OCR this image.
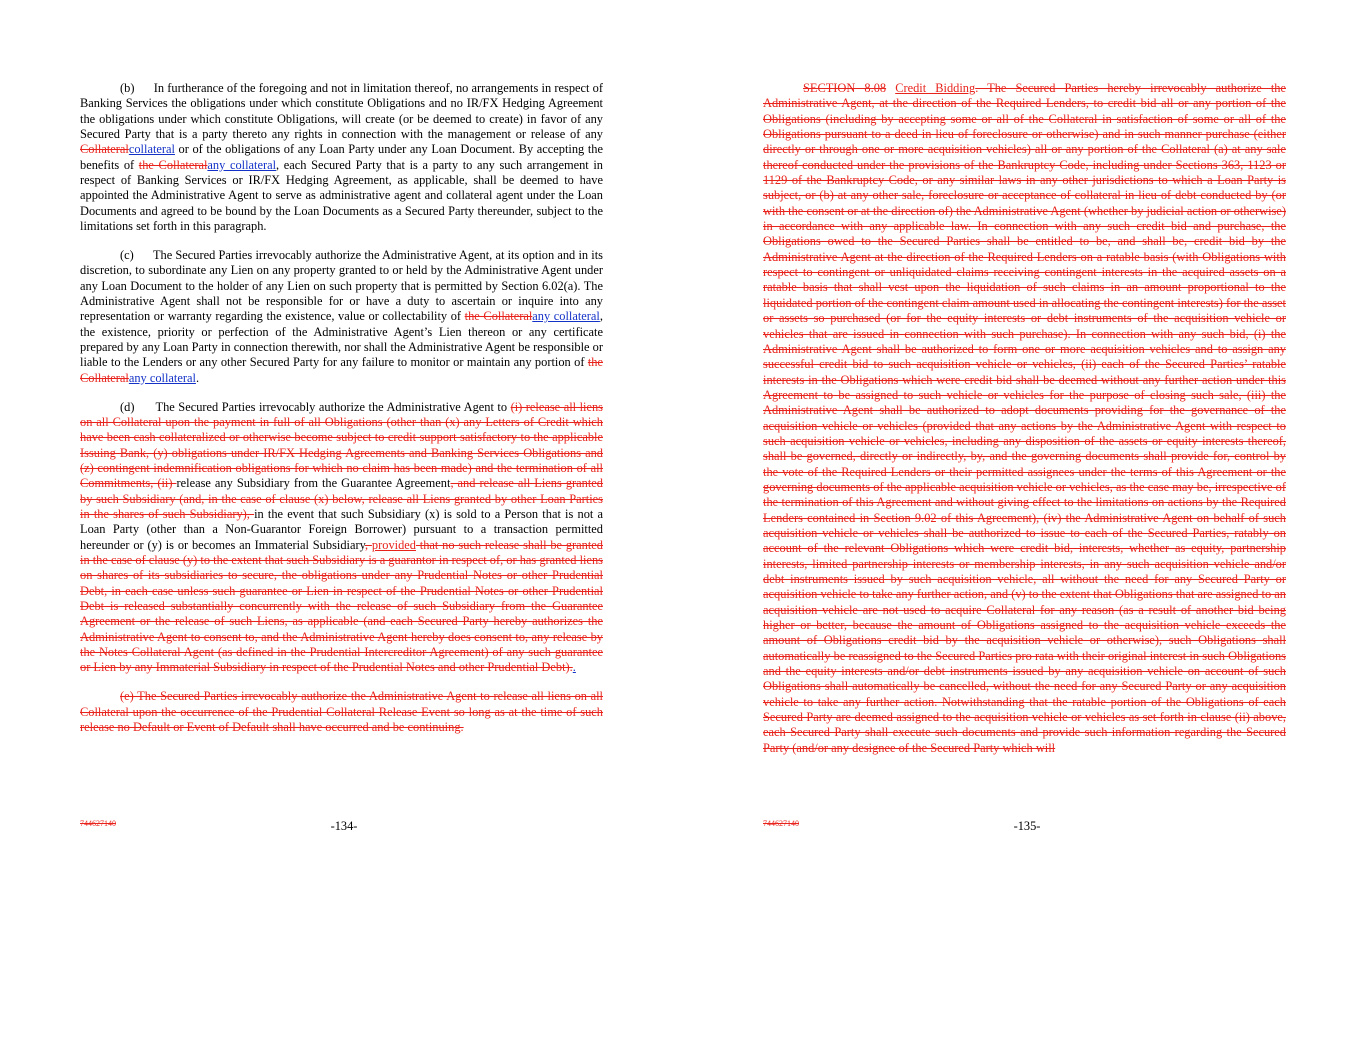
(b)      In furtherance of the foregoing and not in limitation thereof, no arrangements in respect of Banking Services the obligations under which constitute Obligations and no IR/FX Hedging Agreement the obligations under which constitute Obligations, will create (or be deemed to create) in favor of any Secured Party that is a party thereto any rights in connection with the management or release of any Collateralcollateral or of the obligations of any Loan Party under any Loan Document. By accepting the benefits of the Collateralany collateral, each Secured Party that is a party to any such arrangement in respect of Banking Services or IR/FX Hedging Agreement, as applicable, shall be deemed to have appointed the Administrative Agent to serve as administrative agent and collateral agent under the Loan Documents and agreed to be bound by the Loan Documents as a Secured Party thereunder, subject to the limitations set forth in this paragraph.

(c)      The Secured Parties irrevocably authorize the Administrative Agent, at its option and in its discretion, to subordinate any Lien on any property granted to or held by the Administrative Agent under any Loan Document to the holder of any Lien on such property that is permitted by Section 6.02(a). The Administrative Agent shall not be responsible for or have a duty to ascertain or inquire into any representation or warranty regarding the existence, value or collectability of the Collateralany collateral, the existence, priority or perfection of the Administrative Agent’s Lien thereon or any certificate prepared by any Loan Party in connection therewith, nor shall the Administrative Agent be responsible or liable to the Lenders or any other Secured Party for any failure to monitor or maintain any portion of the Collateralany collateral.

(d)      The Secured Parties irrevocably authorize the Administrative Agent to (i) release all liens on all Collateral upon the payment in full of all Obligations (other than (x) any Letters of Credit which have been cash collateralized or otherwise become subject to credit support satisfactory to the applicable Issuing Bank, (y) obligations under IR/FX Hedging Agreements and Banking Services Obligations and (z) contingent indemnification obligations for which no claim has been made) and the termination of all Commitments, (ii) release any Subsidiary from the Guarantee Agreement, and release all Liens granted by such Subsidiary (and, in the case of clause (x) below, release all Liens granted by other Loan Parties in the shares of such Subsidiary), in the event that such Subsidiary (x) is sold to a Person that is not a Loan Party (other than a Non-Guarantor Foreign Borrower) pursuant to a transaction permitted hereunder or (y) is or becomes an Immaterial Subsidiary, provided that no such release shall be granted in the case of clause (y) to the extent that such Subsidiary is a guarantor in respect of, or has granted liens on shares of its subsidiaries to secure, the obligations under any Prudential Notes or other Prudential Debt, in each case unless such guarantee or Lien in respect of the Prudential Notes or other Prudential Debt is released substantially concurrently with the release of such Subsidiary from the Guarantee Agreement or the release of such Liens, as applicable (and each Secured Party hereby authorizes the Administrative Agent to consent to, and the Administrative Agent hereby does consent to, any release by the Notes Collateral Agent (as defined in the Prudential Intercreditor Agreement) of any such guarantee or Lien by any Immaterial Subsidiary in respect of the Prudential Notes and other Prudential Debt)..

(e) The Secured Parties irrevocably authorize the Administrative Agent to release all liens on all Collateral upon the occurrence of the Prudential Collateral Release Event so long as at the time of such release no Default or Event of Default shall have occurred and be continuing.

744627140	-134-

SECTION 8.08 Credit Bidding. The Secured Parties hereby irrevocably authorize the Administrative Agent, at the direction of the Required Lenders, to credit bid all or any portion of the Obligations (including by accepting some or all of the Collateral in satisfaction of some or all of the Obligations pursuant to a deed in lieu of foreclosure or otherwise) and in such manner purchase (either directly or through one or more acquisition vehicles) all or any portion of the Collateral (a) at any sale thereof conducted under the provisions of the Bankruptcy Code, including under Sections 363, 1123 or 1129 of the Bankruptcy Code, or any similar laws in any other jurisdictions to which a Loan Party is subject, or (b) at any other sale, foreclosure or acceptance of collateral in lieu of debt conducted by (or with the consent or at the direction of) the Administrative Agent (whether by judicial action or otherwise) in accordance with any applicable law. In connection with any such credit bid and purchase, the Obligations owed to the Secured Parties shall be entitled to be, and shall be, credit bid by the Administrative Agent at the direction of the Required Lenders on a ratable basis (with Obligations with respect to contingent or unliquidated claims receiving contingent interests in the acquired assets on a ratable basis that shall vest upon the liquidation of such claims in an amount proportional to the liquidated portion of the contingent claim amount used in allocating the contingent interests) for the asset or assets so purchased (or for the equity interests or debt instruments of the acquisition vehicle or vehicles that are issued in connection with such purchase). In connection with any such bid, (i) the Administrative Agent shall be authorized to form one or more acquisition vehicles and to assign any successful credit bid to such acquisition vehicle or vehicles, (ii) each of the Secured Parties’ ratable interests in the Obligations which were credit bid shall be deemed without any further action under this Agreement to be assigned to such vehicle or vehicles for the purpose of closing such sale, (iii) the Administrative Agent shall be authorized to adopt documents providing for the governance of the acquisition vehicle or vehicles (provided that any actions by the Administrative Agent with respect to such acquisition vehicle or vehicles, including any disposition of the assets or equity interests thereof, shall be governed, directly or indirectly, by, and the governing documents shall provide for, control by the vote of the Required Lenders or their permitted assignees under the terms of this Agreement or the governing documents of the applicable acquisition vehicle or vehicles, as the case may be, irrespective of the termination of this Agreement and without giving effect to the limitations on actions by the Required Lenders contained in Section 9.02 of this Agreement), (iv) the Administrative Agent on behalf of such acquisition vehicle or vehicles shall be authorized to issue to each of the Secured Parties, ratably on account of the relevant Obligations which were credit bid, interests, whether as equity, partnership interests, limited partnership interests or membership interests, in any such acquisition vehicle and/or debt instruments issued by such acquisition vehicle, all without the need for any Secured Party or acquisition vehicle to take any further action, and (v) to the extent that Obligations that are assigned to an acquisition vehicle are not used to acquire Collateral for any reason (as a result of another bid being higher or better, because the amount of Obligations assigned to the acquisition vehicle exceeds the amount of Obligations credit bid by the acquisition vehicle or otherwise), such Obligations shall automatically be reassigned to the Secured Parties pro rata with their original interest in such Obligations and the equity interests and/or debt instruments issued by any acquisition vehicle on account of such Obligations shall automatically be cancelled, without the need for any Secured Party or any acquisition vehicle to take any further action. Notwithstanding that the ratable portion of the Obligations of each Secured Party are deemed assigned to the acquisition vehicle or vehicles as set forth in clause (ii) above, each Secured Party shall execute such documents and provide such information regarding the Secured Party (and/or any designee of the Secured Party which will

744627140	-135-
